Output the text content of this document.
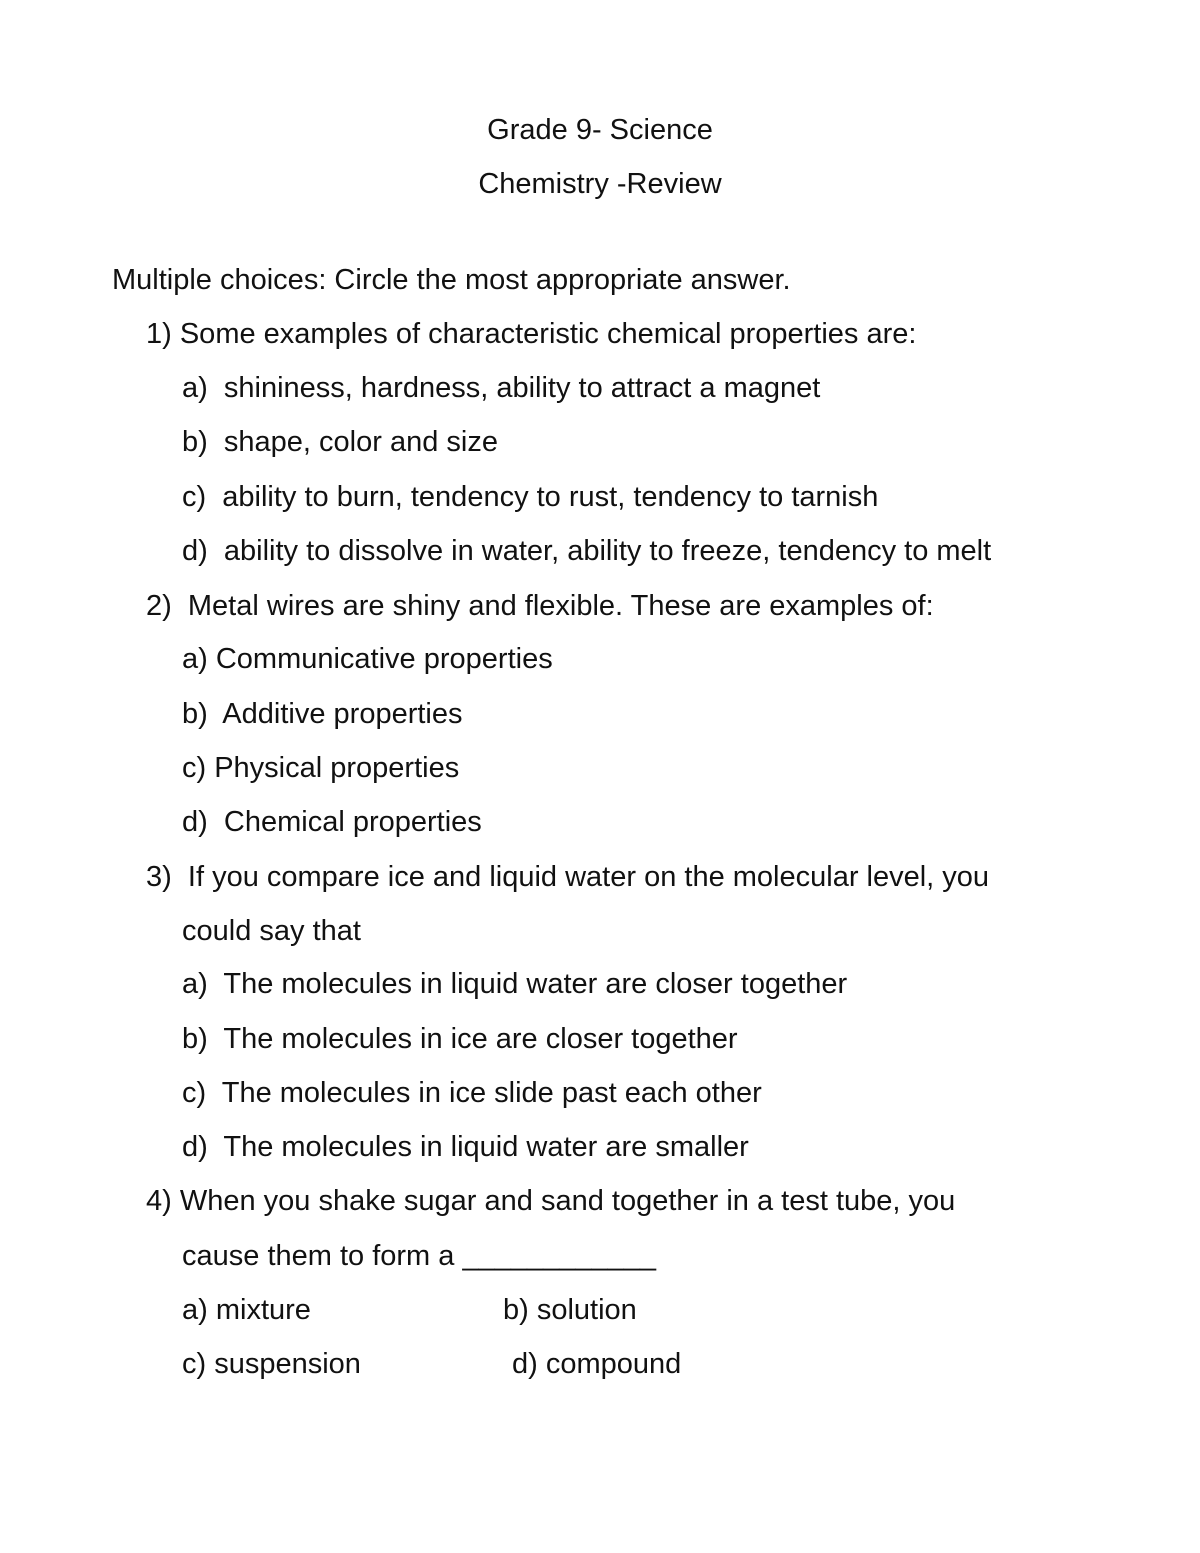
Grade 9- Science
Chemistry -Review
Multiple choices: Circle the most appropriate answer.
1) Some examples of characteristic chemical properties are:
a)  shininess, hardness, ability to attract a magnet
b)  shape, color and size
c)  ability to burn, tendency to rust, tendency to tarnish
d)  ability to dissolve in water, ability to freeze, tendency to melt
2)  Metal wires are shiny and flexible. These are examples of:
a) Communicative properties
b)  Additive properties
c) Physical properties
d)  Chemical properties
3)  If you compare ice and liquid water on the molecular level, you
could say that
a)  The molecules in liquid water are closer together
b)  The molecules in ice are closer together
c)  The molecules in ice slide past each other
d)  The molecules in liquid water are smaller
4) When you shake sugar and sand together in a test tube, you
cause them to form a ____________
a) mixture	b) solution
c) suspension	d) compound
